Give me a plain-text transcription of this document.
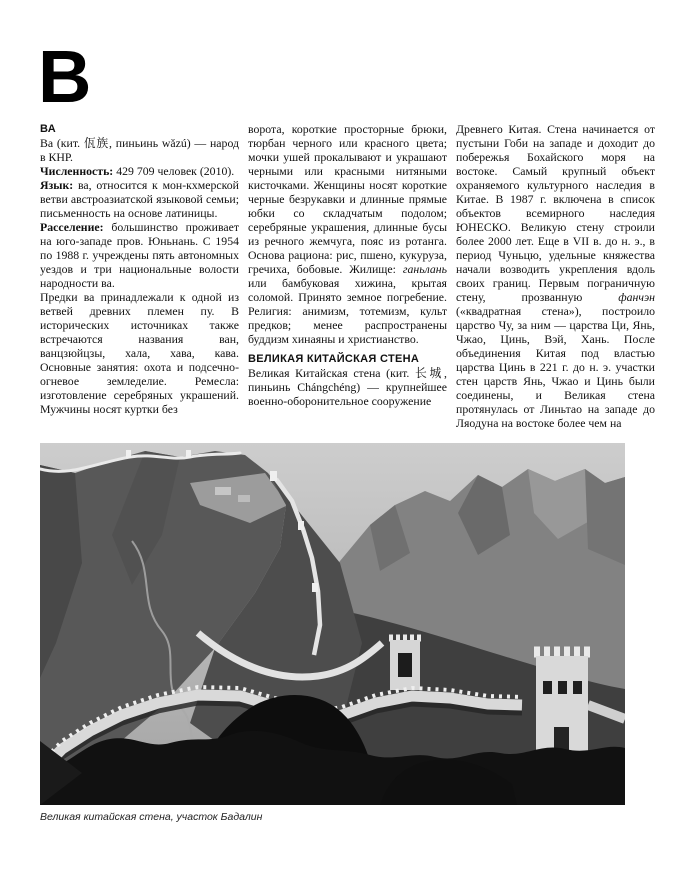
В
ВА

Ва (кит. 佤族, пиньинь wǎzú) — народ в КНР.

Численность: 429 709 человек (2010).

Язык: ва, относится к мон-кхмерской ветви австроазиатской языковой семьи; письменность на основе латиницы.

Расселение: большинство проживает на юго-западе пров. Юньнань. С 1954 по 1988 г. учреждены пять автономных уездов и три национальные волости народности ва.

Предки ва принадлежали к одной из ветвей древних племен пу. В исторических источниках также встречаются названия ван, ванцзюйцзы, хала, хава, кава. Основные занятия: охота и подсечно-огневое земледелие. Ремесла: изготовление серебряных украшений. Мужчины носят куртки без

ворота, короткие просторные брюки, тюрбан черного или красного цвета; мочки ушей прокалывают и украшают черными или красными нитяными кисточками. Женщины носят короткие черные безрукавки и длинные прямые юбки со складчатым подолом; серебряные украшения, длинные бусы из речного жемчуга, пояс из ротанга. Основа рациона: рис, пшено, кукуруза, гречиха, бобовые. Жилище: ганьлань или бамбуковая хижина, крытая соломой. Принято земное погребение. Религия: анимизм, тотемизм, культ предков; менее распространены буддизм хинаяны и христианство.

ВЕЛИКАЯ КИТАЙСКАЯ СТЕНА

Великая Китайская стена (кит. 长城, пиньинь Chángchéng) — крупнейшее военно-оборонительное сооружение

Древнего Китая. Стена начинается от пустыни Гоби на западе и доходит до побережья Бохайского моря на востоке. Самый крупный объект охраняемого культурного наследия в Китае. В 1987 г. включена в список объектов всемирного наследия ЮНЕСКО. Великую стену строили более 2000 лет. Еще в VII в. до н. э., в период Чуньцю, удельные княжества начали возводить укрепления вдоль своих границ. Первым пограничную стену, прозванную фанчэн («квадратная стена»), построило царство Чу, за ним — царства Ци, Янь, Чжао, Цинь, Вэй, Хань. После объединения Китая под властью царства Цинь в 221 г. до н. э. участки стен царств Янь, Чжао и Цинь были соединены, и Великая стена протянулась от Линьтао на западе до Ляодуна на востоке более чем на

Великая китайская стена, участок Бадалин
